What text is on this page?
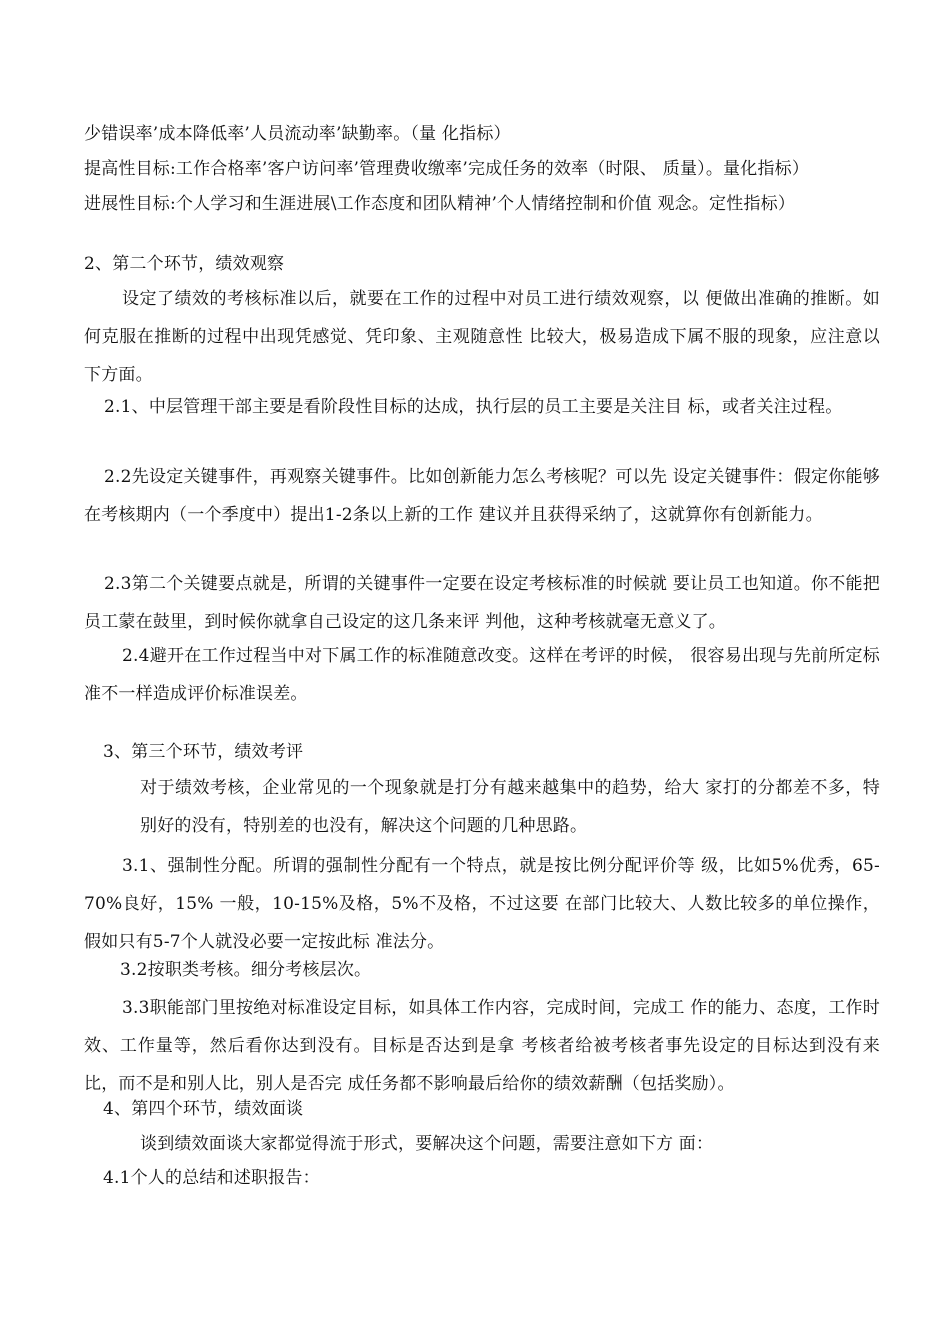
少错误率’成本降低率’人员流动率’缺勤率。（量 化指标）
提高性目标:工作合格率’客户访问率’管理费收缴率’完成任务的效率（时限、 质量）。量化指标）
进展性目标:个人学习和生涯进展\工作态度和团队精神’个人情绪控制和价值 观念。定性指标）
2、第二个环节，绩效观察
设定了绩效的考核标准以后，就要在工作的过程中对员工进行绩效观察，以 便做出准确的推断。如何克服在推断的过程中出现凭感觉、凭印象、主观随意性 比较大，极易造成下属不服的现象，应注意以下方面。
2.1、中层管理干部主要是看阶段性目标的达成，执行层的员工主要是关注目 标，或者关注过程。
2.2先设定关键事件，再观察关键事件。比如创新能力怎么考核呢？可以先 设定关键事件：假定你能够在考核期内（一个季度中）提出1-2条以上新的工作 建议并且获得采纳了，这就算你有创新能力。
2.3第二个关键要点就是，所谓的关键事件一定要在设定考核标准的时候就 要让员工也知道。你不能把员工蒙在鼓里，到时候你就拿自己设定的这几条来评 判他，这种考核就毫无意义了。
2.4避开在工作过程当中对下属工作的标准随意改变。这样在考评的时候， 很容易出现与先前所定标准不一样造成评价标准误差。
3、第三个环节，绩效考评
对于绩效考核，企业常见的一个现象就是打分有越来越集中的趋势，给大 家打的分都差不多，特别好的没有，特别差的也没有，解决这个问题的几种思路。
3.1、强制性分配。所谓的强制性分配有一个特点，就是按比例分配评价等 级，比如5%优秀，65-70%良好，15% 一般，10-15%及格，5%不及格，不过这要 在部门比较大、人数比较多的单位操作，假如只有5-7个人就没必要一定按此标 准法分。
3.2按职类考核。细分考核层次。
3.3职能部门里按绝对标准设定目标，如具体工作内容，完成时间，完成工 作的能力、态度，工作时效、工作量等，然后看你达到没有。目标是否达到是拿 考核者给被考核者事先设定的目标达到没有来比，而不是和别人比，别人是否完 成任务都不影响最后给你的绩效薪酬（包括奖励）。
4、第四个环节，绩效面谈
谈到绩效面谈大家都觉得流于形式，要解决这个问题，需要注意如下方 面：
4.1个人的总结和述职报告：
